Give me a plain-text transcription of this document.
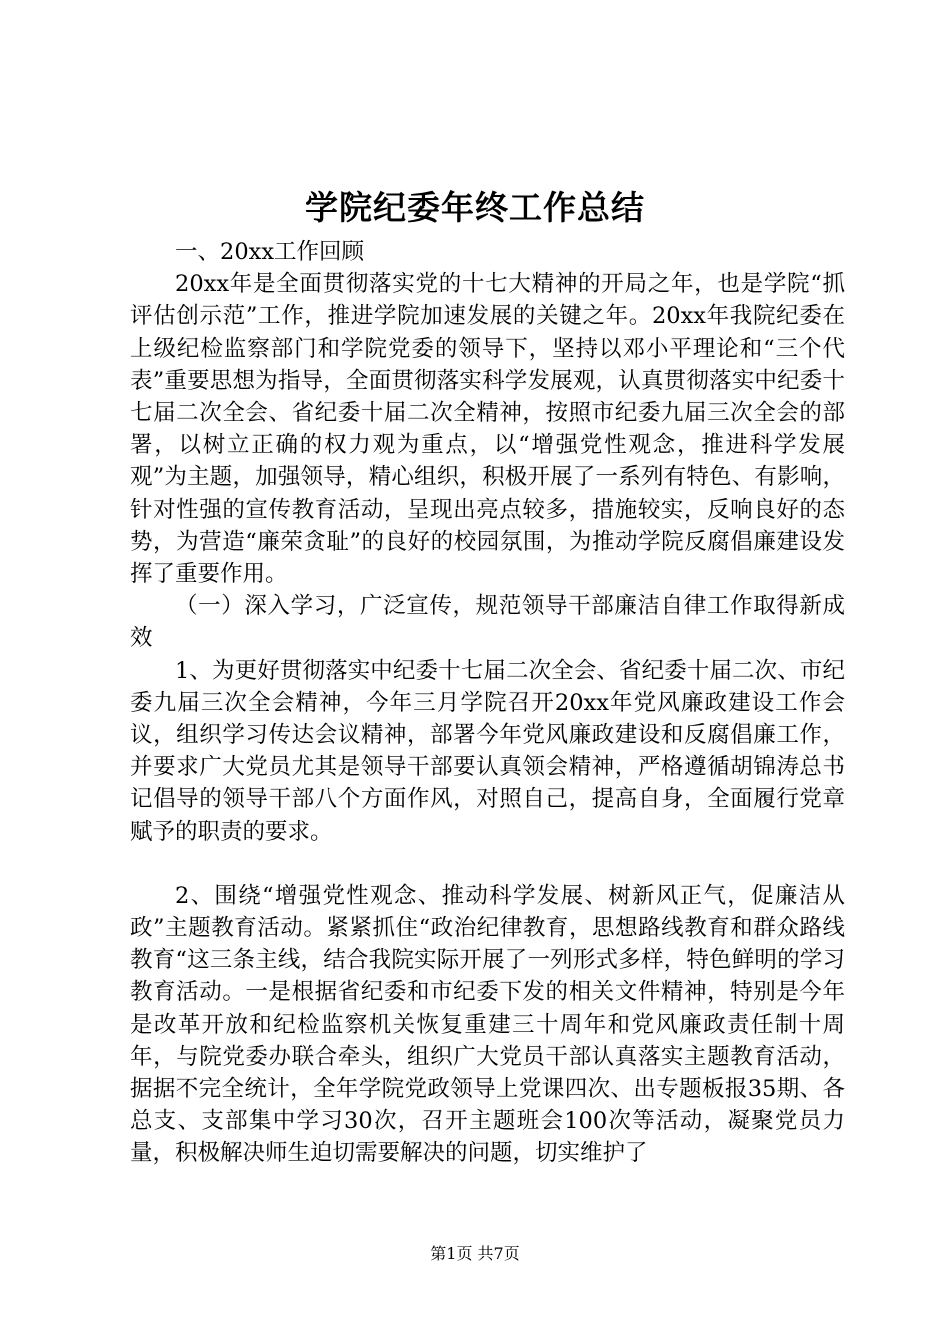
学院纪委年终工作总结

一、20xx工作回顾

20xx年是全面贯彻落实党的十七大精神的开局之年，也是学院“抓评估创示范”工作，推进学院加速发展的关键之年。20xx年我院纪委在上级纪检监察部门和学院党委的领导下，坚持以邓小平理论和“三个代表”重要思想为指导，全面贯彻落实科学发展观，认真贯彻落实中纪委十七届二次全会、省纪委十届二次全精神，按照市纪委九届三次全会的部署，以树立正确的权力观为重点，以“增强党性观念，推进科学发展观”为主题，加强领导，精心组织，积极开展了一系列有特色、有影响，针对性强的宣传教育活动，呈现出亮点较多，措施较实，反响良好的态势，为营造“廉荣贪耻”的良好的校园氛围，为推动学院反腐倡廉建设发挥了重要作用。

（一）深入学习，广泛宣传，规范领导干部廉洁自律工作取得新成效

1、为更好贯彻落实中纪委十七届二次全会、省纪委十届二次、市纪委九届三次全会精神，今年三月学院召开20xx年党风廉政建设工作会议，组织学习传达会议精神，部署今年党风廉政建设和反腐倡廉工作，并要求广大党员尤其是领导干部要认真领会精神，严格遵循胡锦涛总书记倡导的领导干部八个方面作风，对照自己，提高自身，全面履行党章赋予的职责的要求。

2、围绕“增强党性观念、推动科学发展、树新风正气，促廉洁从政”主题教育活动。紧紧抓住“政治纪律教育，思想路线教育和群众路线教育“这三条主线，结合我院实际开展了一列形式多样，特色鲜明的学习教育活动。一是根据省纪委和市纪委下发的相关文件精神，特别是今年是改革开放和纪检监察机关恢复重建三十周年和党风廉政责任制十周年，与院党委办联合牵头，组织广大党员干部认真落实主题教育活动，据据不完全统计，全年学院党政领导上党课四次、出专题板报35期、各总支、支部集中学习30次，召开主题班会100次等活动，凝聚党员力量，积极解决师生迫切需要解决的问题，切实维护了

第1页 共7页
